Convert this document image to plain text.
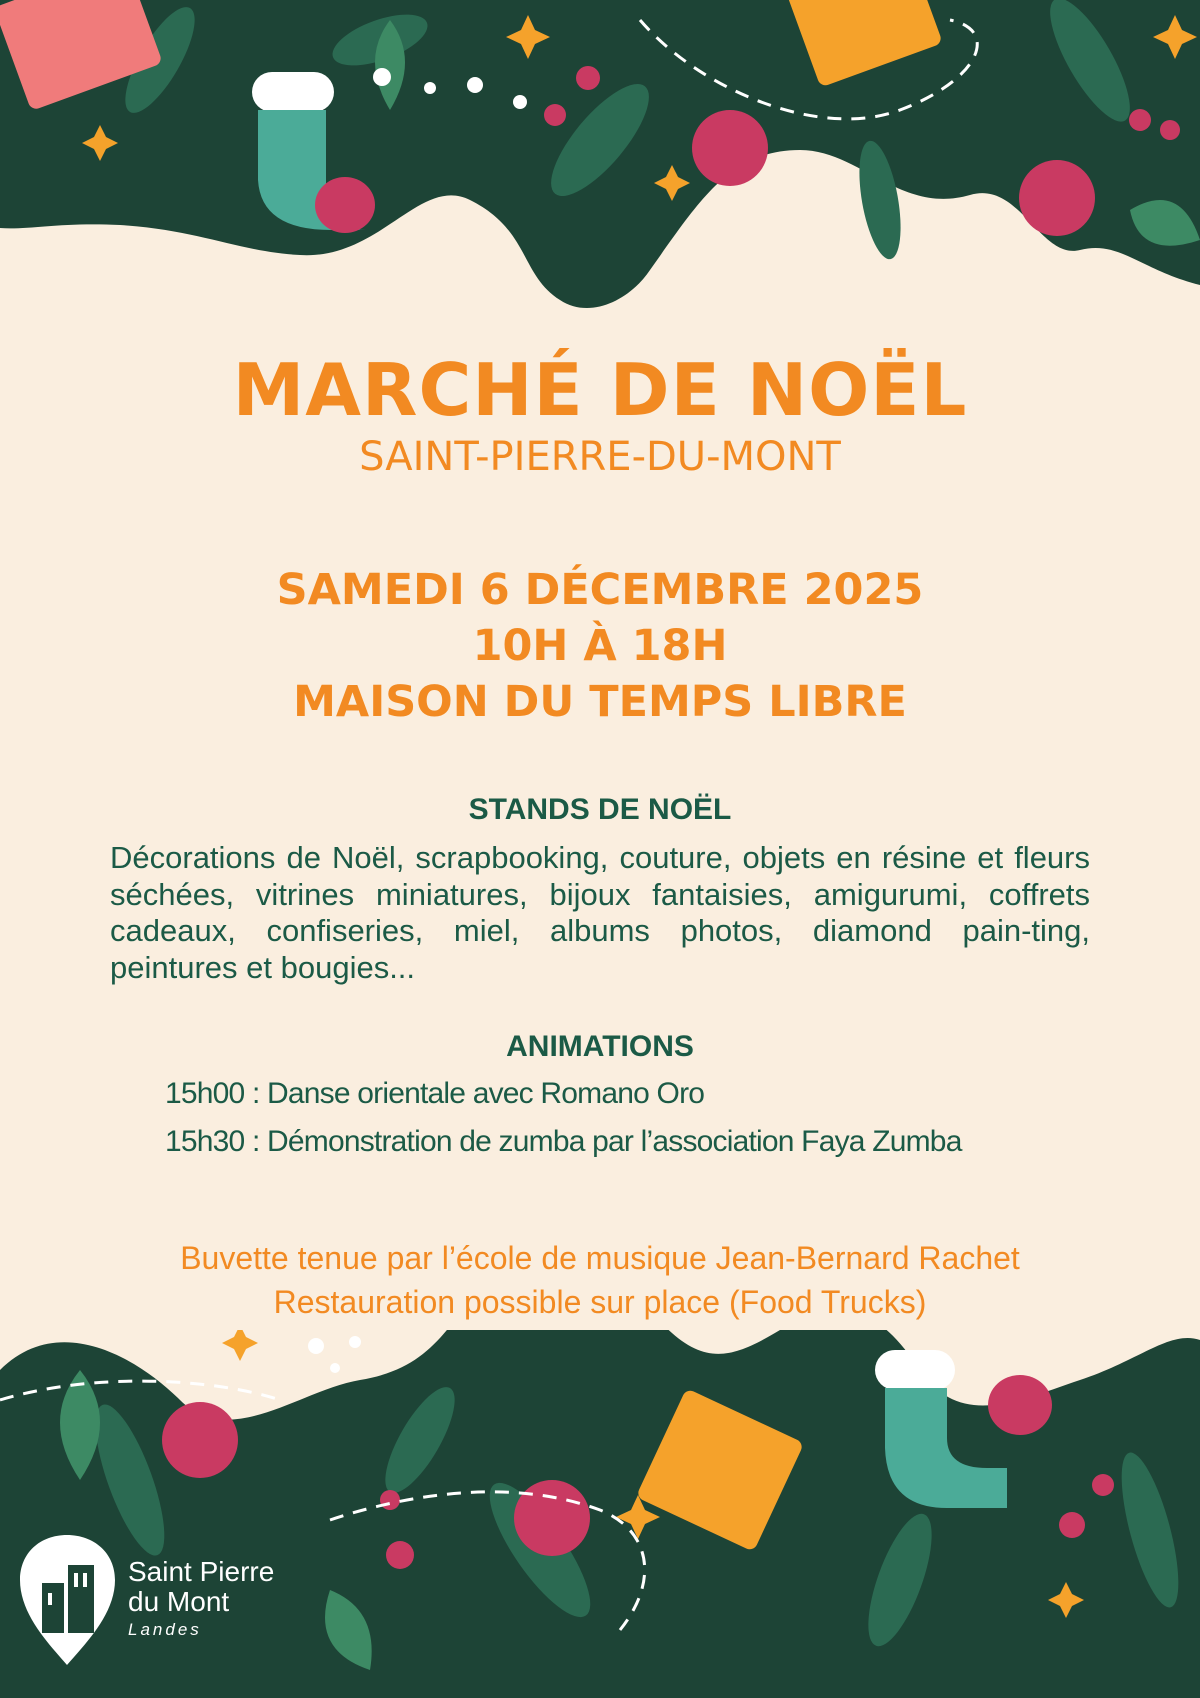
MARCHÉ DE NOËL
SAINT-PIERRE-DU-MONT
SAMEDI 6 DÉCEMBRE 2025
10H À 18H
MAISON DU TEMPS LIBRE
STANDS DE NOËL

Décorations de Noël, scrapbooking, couture, objets en résine et fleurs séchées, vitrines miniatures, bijoux fantaisies, amigurumi, coffrets cadeaux, confiseries, miel, albums photos, diamond pain-ting, peintures et bougies...

ANIMATIONS
15h00 : Danse orientale avec Romano Oro
15h30 : Démonstration de zumba par l’association Faya Zumba
Buvette tenue par l’école de musique Jean-Bernard Rachet
Restauration possible sur place (Food Trucks)
Saint Pierre
du Mont
Landes
